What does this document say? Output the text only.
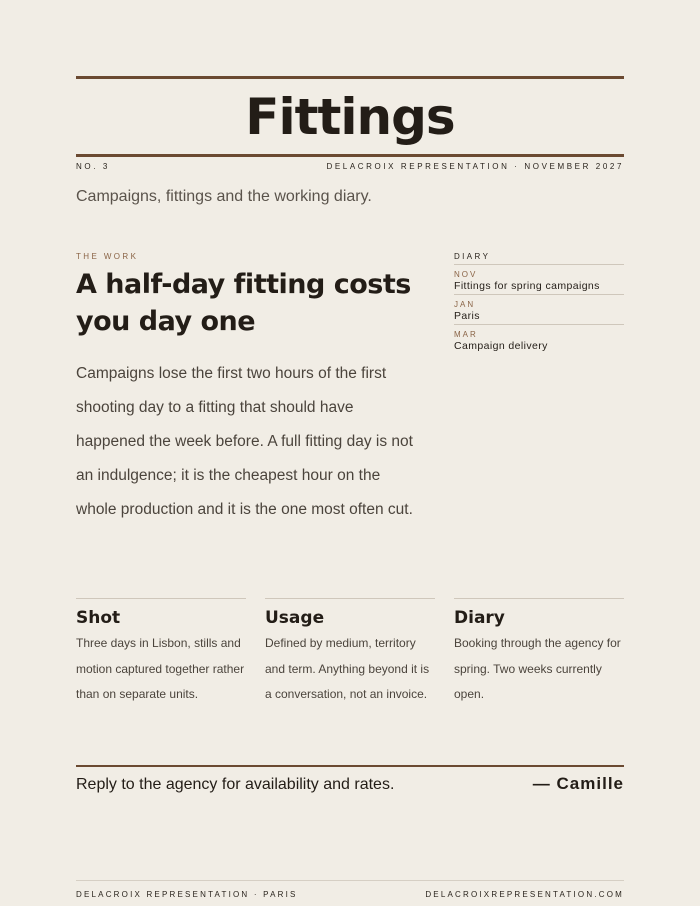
Fittings
NO. 3	DELACROIX REPRESENTATION · NOVEMBER 2027
Campaigns, fittings and the working diary.
THE WORK
A half-day fitting costs you day one
Campaigns lose the first two hours of the first shooting day to a fitting that should have happened the week before. A full fitting day is not an indulgence; it is the cheapest hour on the whole production and it is the one most often cut.
DIARY
NOV
Fittings for spring campaigns
JAN
Paris
MAR
Campaign delivery
Shot

Three days in Lisbon, stills and motion captured together rather than on separate units.

Usage

Defined by medium, territory and term. Anything beyond it is a conversation, not an invoice.

Diary

Booking through the agency for spring. Two weeks currently open.

Reply to the agency for availability and rates.	— Camille
DELACROIX REPRESENTATION · PARIS	DELACROIXREPRESENTATION.COM
